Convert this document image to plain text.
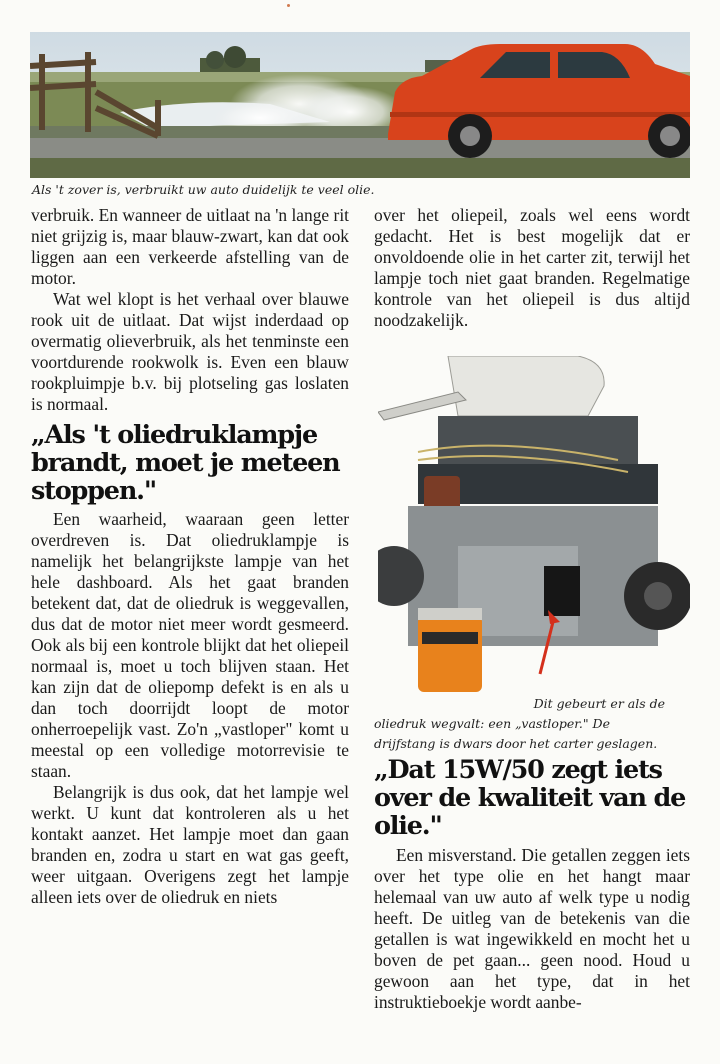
Als 't zover is, verbruikt uw auto duidelijk te veel olie.

verbruik. En wanneer de uitlaat na 'n lange rit niet grijzig is, maar blauw-zwart, kan dat ook liggen aan een verkeerde afstelling van de motor.

Wat wel klopt is het verhaal over blauwe rook uit de uitlaat. Dat wijst inderdaad op overmatig olieverbruik, als het tenminste een voortdurende rookwolk is. Even een blauw rookpluimpje b.v. bij plotseling gas loslaten is normaal.

„Als 't oliedruklampje brandt, moet je meteen stoppen."

Een waarheid, waaraan geen letter overdreven is. Dat oliedruklampje is namelijk het belangrijkste lampje van het hele dashboard. Als het gaat branden betekent dat, dat de oliedruk is weggevallen, dus dat de motor niet meer wordt gesmeerd. Ook als bij een kontrole blijkt dat het oliepeil normaal is, moet u toch blijven staan. Het kan zijn dat de oliepomp defekt is en als u dan toch doorrijdt loopt de motor onherroepelijk vast. Zo'n „vastloper" komt u meestal op een volledige motorrevisie te staan.

Belangrijk is dus ook, dat het lampje wel werkt. U kunt dat kontroleren als u het kontakt aanzet. Het lampje moet dan gaan branden en, zodra u start en wat gas geeft, weer uitgaan. Overigens zegt het lampje alleen iets over de oliedruk en niets

over het oliepeil, zoals wel eens wordt gedacht. Het is best mogelijk dat er onvoldoende olie in het carter zit, terwijl het lampje toch niet gaat branden. Regelmatige kontrole van het oliepeil is dus altijd noodzakelijk.

Dit gebeurt er als de
oliedruk wegvalt: een „vastloper." De
drijfstang is dwars door het carter geslagen.
„Dat 15W/50 zegt iets over de kwaliteit van de olie."

Een misverstand. Die getallen zeggen iets over het type olie en het hangt maar helemaal van uw auto af welk type u nodig heeft. De uitleg van de betekenis van die getallen is wat ingewikkeld en mocht het u boven de pet gaan... geen nood. Houd u gewoon aan het type, dat in het instruktieboekje wordt aanbe-
